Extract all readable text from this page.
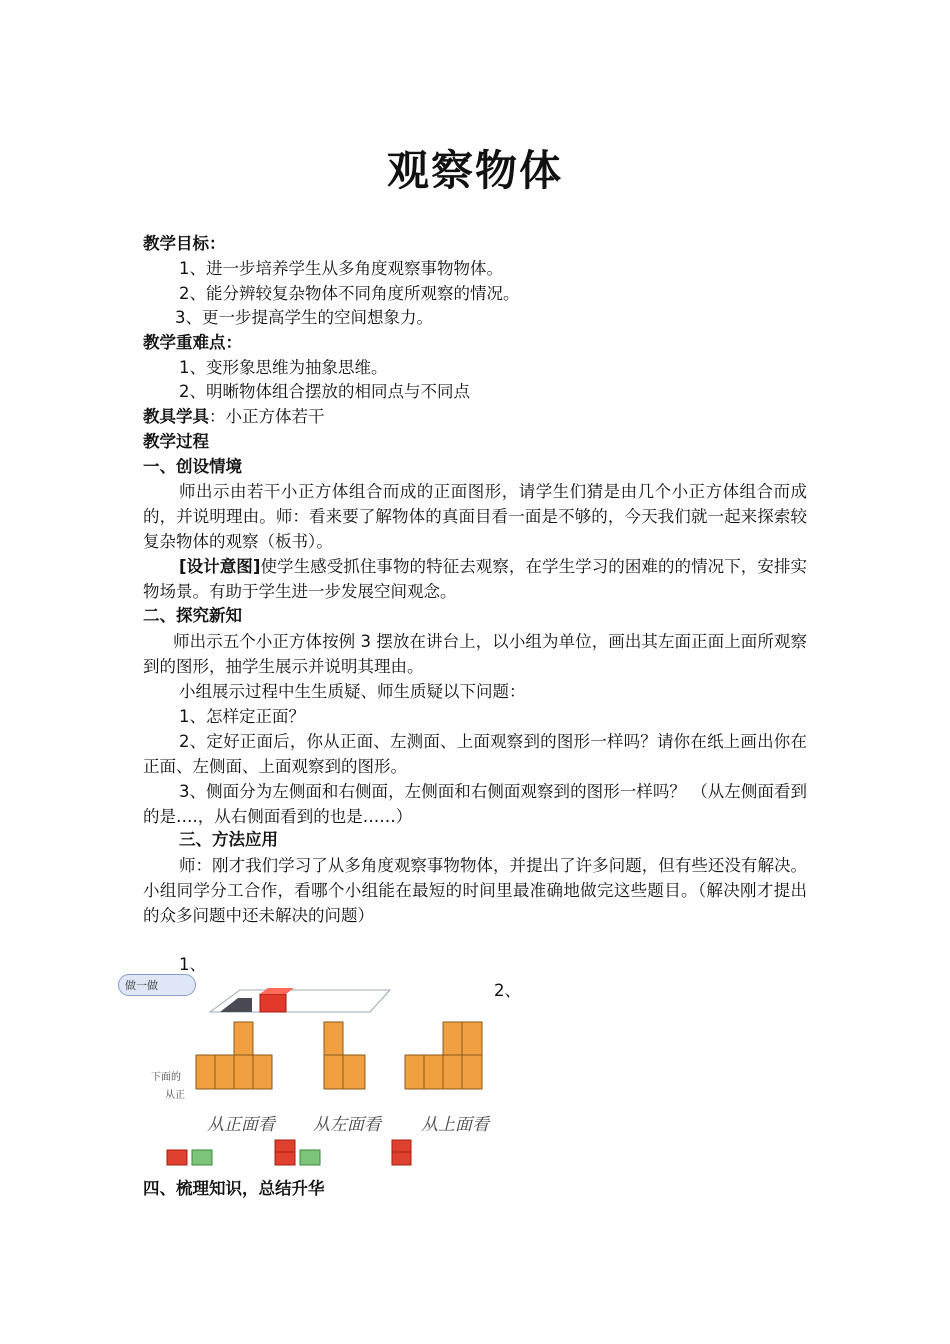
观察物体
教学目标：
1、进一步培养学生从多角度观察事物物体。
2、能分辨较复杂物体不同角度所观察的情况。
3、更一步提高学生的空间想象力。
教学重难点：
1、变形象思维为抽象思维。
2、明晰物体组合摆放的相同点与不同点
教具学具：小正方体若干
教学过程
一、创设情境
师出示由若干小正方体组合而成的正面图形，请学生们猜是由几个小正方体组合而成的，并说明理由。师：看来要了解物体的真面目看一面是不够的，今天我们就一起来探索较复杂物体的观察（板书）。
[设计意图]使学生感受抓住事物的特征去观察，在学生学习的困难的的情况下，安排实物场景。有助于学生进一步发展空间观念。
二、探究新知
师出示五个小正方体按例 3 摆放在讲台上，以小组为单位，画出其左面正面上面所观察到的图形，抽学生展示并说明其理由。
小组展示过程中生生质疑、师生质疑以下问题：
1、怎样定正面？
2、定好正面后，你从正面、左测面、上面观察到的图形一样吗？请你在纸上画出你在正面、左侧面、上面观察到的图形。
3、侧面分为左侧面和右侧面，左侧面和右侧面观察到的图形一样吗？ （从左侧面看到的是….，从右侧面看到的也是……）
三、方法应用
师：刚才我们学习了从多角度观察事物物体，并提出了许多问题，但有些还没有解决。小组同学分工合作，看哪个小组能在最短的时间里最准确地做完这些题目。（解决刚才提出的众多问题中还未解决的问题）
1、
2、
做一做
下面的
从正
从正面看 从左面看 从上面看
四、梳理知识，总结升华
